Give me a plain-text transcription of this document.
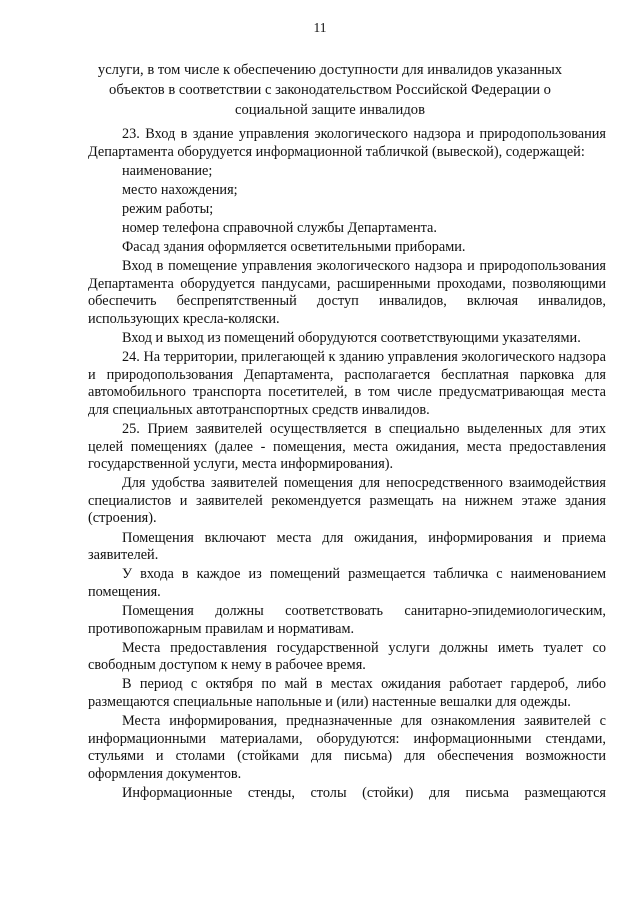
11
услуги, в том числе к обеспечению доступности для инвалидов указанных объектов в соответствии с законодательством Российской Федерации о социальной защите инвалидов

23. Вход в здание управления экологического надзора и природопользования Департамента оборудуется информационной табличкой (вывеской), содержащей:

наименование;

место нахождения;

режим работы;

номер телефона справочной службы Департамента.

Фасад здания оформляется осветительными приборами.

Вход в помещение управления экологического надзора и природопользования Департамента оборудуется пандусами, расширенными проходами, позволяющими обеспечить беспрепятственный доступ инвалидов, включая инвалидов, использующих кресла-коляски.

Вход и выход из помещений оборудуются соответствующими указателями.

24. На территории, прилегающей к зданию управления экологического надзора и природопользования Департамента, располагается бесплатная парковка для автомобильного транспорта посетителей, в том числе предусматривающая места для специальных автотранспортных средств инвалидов.

25. Прием заявителей осуществляется в специально выделенных для этих целей помещениях (далее - помещения, места ожидания, места предоставления государственной услуги, места информирования).

Для удобства заявителей помещения для непосредственного взаимодействия специалистов и заявителей рекомендуется размещать на нижнем этаже здания (строения).

Помещения включают места для ожидания, информирования и приема заявителей.

У входа в каждое из помещений размещается табличка с наименованием помещения.

Помещения должны соответствовать санитарно-эпидемиологическим, противопожарным правилам и нормативам.

Места предоставления государственной услуги должны иметь туалет со свободным доступом к нему в рабочее время.

В период с октября по май в местах ожидания работает гардероб, либо размещаются специальные напольные и (или) настенные вешалки для одежды.

Места информирования, предназначенные для ознакомления заявителей с информационными материалами, оборудуются: информационными стендами, стульями и столами (стойками для письма) для обеспечения возможности оформления документов.

Информационные стенды, столы (стойки) для письма размещаются
